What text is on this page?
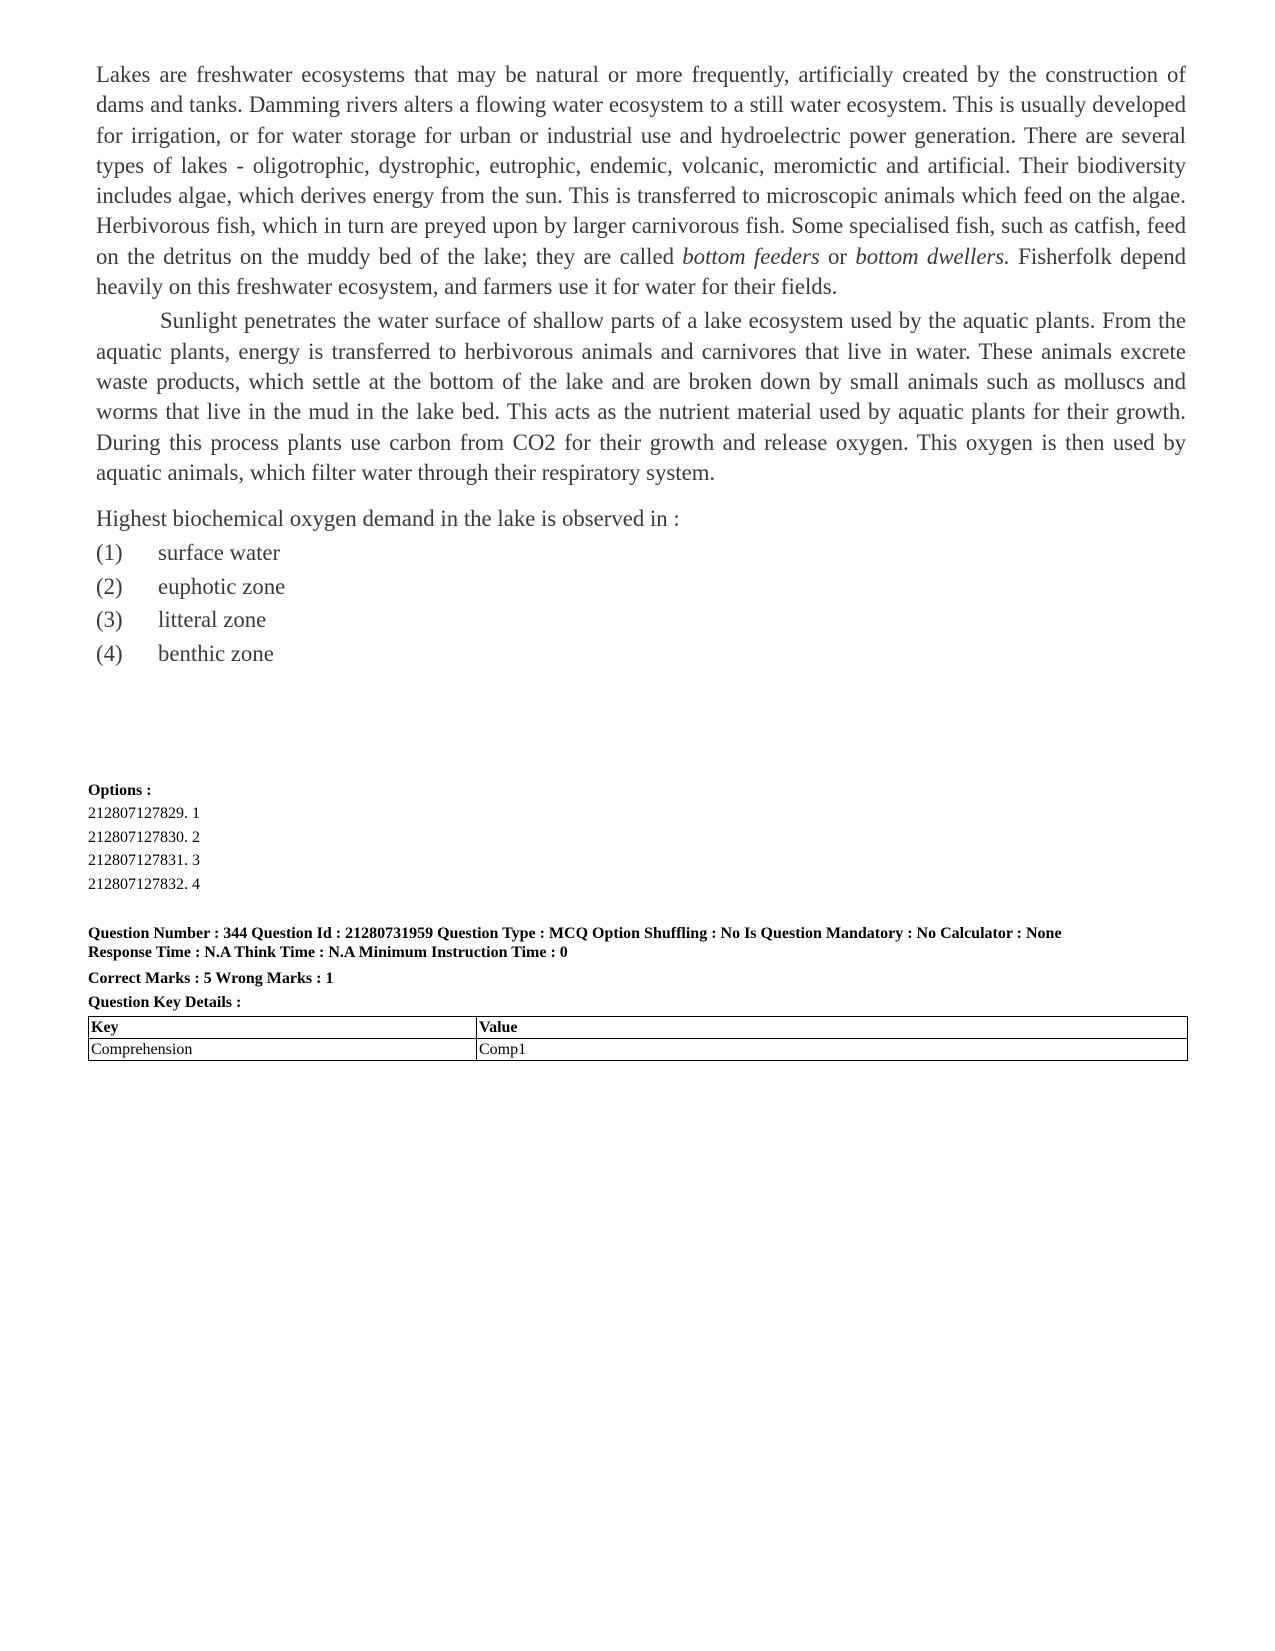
Lakes are freshwater ecosystems that may be natural or more frequently, artificially created by the construction of dams and tanks. Damming rivers alters a flowing water ecosystem to a still water ecosystem. This is usually developed for irrigation, or for water storage for urban or industrial use and hydroelectric power generation. There are several types of lakes - oligotrophic, dystrophic, eutrophic, endemic, volcanic, meromictic and artificial. Their biodiversity includes algae, which derives energy from the sun. This is transferred to microscopic animals which feed on the algae. Herbivorous fish, which in turn are preyed upon by larger carnivorous fish. Some specialised fish, such as catfish, feed on the detritus on the muddy bed of the lake; they are called bottom feeders or bottom dwellers. Fisherfolk depend heavily on this freshwater ecosystem, and farmers use it for water for their fields.

Sunlight penetrates the water surface of shallow parts of a lake ecosystem used by the aquatic plants. From the aquatic plants, energy is transferred to herbivorous animals and carnivores that live in water. These animals excrete waste products, which settle at the bottom of the lake and are broken down by small animals such as molluscs and worms that live in the mud in the lake bed. This acts as the nutrient material used by aquatic plants for their growth. During this process plants use carbon from CO2 for their growth and release oxygen. This oxygen is then used by aquatic animals, which filter water through their respiratory system.

Highest biochemical oxygen demand in the lake is observed in :

(1)	surface water
(2)	euphotic zone
(3)	litteral zone
(4)	benthic zone
Options :
212807127829. 1
212807127830. 2
212807127831. 3
212807127832. 4
Question Number : 344 Question Id : 21280731959 Question Type : MCQ Option Shuffling : No Is Question Mandatory : No Calculator : None
Response Time : N.A Think Time : N.A Minimum Instruction Time : 0
Correct Marks : 5 Wrong Marks : 1
Question Key Details :
Key	Value
Comprehension	Comp1
